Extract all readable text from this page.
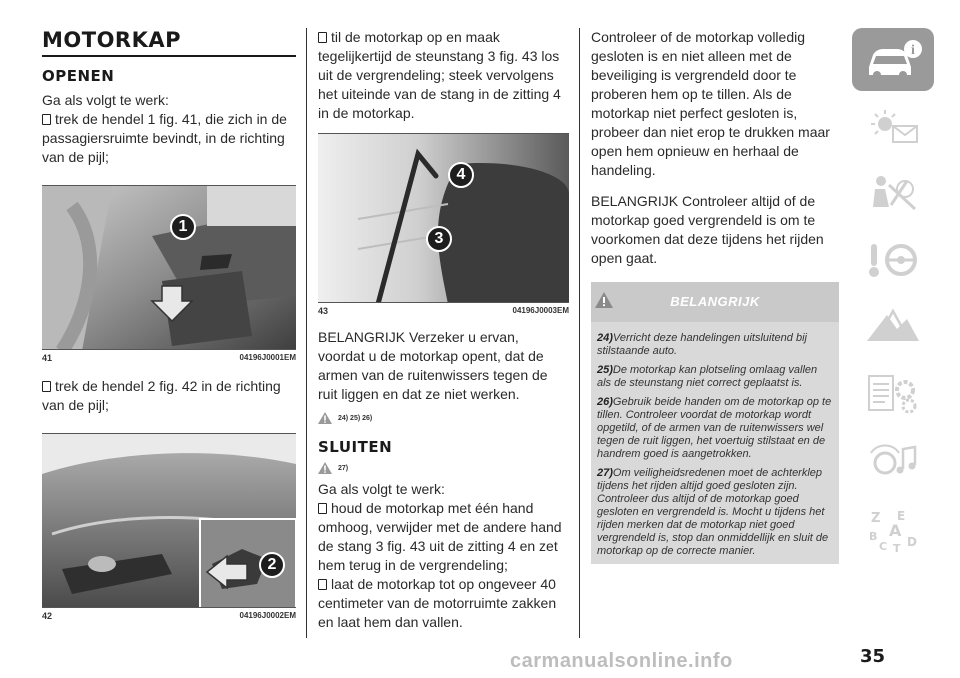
MOTORKAP
OPENEN

Ga als volgt te werk:

trek de hendel 1 fig. 41, die zich in de passagiersruimte bevindt, in de richting van de pijl;

1
41	04196J0001EM

trek de hendel 2 fig. 42 in de richting van de pijl;

2
42	04196J0002EM

til de motorkap op en maak tegelijkertijd de steunstang 3 fig. 43 los uit de vergrendeling; steek vervolgens het uiteinde van de stang in de zitting 4 in de motorkap.

4
3
43	04196J0003EM

BELANGRIJK Verzeker u ervan, voordat u de motorkap opent, dat de armen van de ruitenwissers tegen de ruit liggen en dat ze niet werken.

24) 25) 26)
SLUITEN
27)

Ga als volgt te werk:

houd de motorkap met één hand omhoog, verwijder met de andere hand de stang 3 fig. 43 uit de zitting 4 en zet hem terug in de vergrendeling;

laat de motorkap tot op ongeveer 40 centimeter van de motorruimte zakken en laat hem dan vallen.

Controleer of de motorkap volledig gesloten is en niet alleen met de beveiliging is vergrendeld door te proberen hem op te tillen. Als de motorkap niet perfect gesloten is, probeer dan niet erop te drukken maar open hem opnieuw en herhaal de handeling.

BELANGRIJK Controleer altijd of de motorkap goed vergrendeld is om te voorkomen dat deze tijdens het rijden open gaat.

BELANGRIJK

24)Verricht deze handelingen uitsluitend bij stilstaande auto.

25)De motorkap kan plotseling omlaag vallen als de steunstang niet correct geplaatst is.

26)Gebruik beide handen om de motorkap op te tillen. Controleer voordat de motorkap wordt opgetild, of de armen van de ruitenwissers wel tegen de ruit liggen, het voertuig stilstaat en de handrem goed is aangetrokken.

27)Om veiligheidsredenen moet de achterklep tijdens het rijden altijd goed gesloten zijn. Controleer dus altijd of de motorkap goed gesloten en vergrendeld is. Mocht u tijdens het rijden merken dat de motorkap niet goed vergrendeld is, stop dan onmiddellijk en sluit de motorkap op de correcte manier.

i
Z E
A
B
C D
T
35
carmanualsonline.info
